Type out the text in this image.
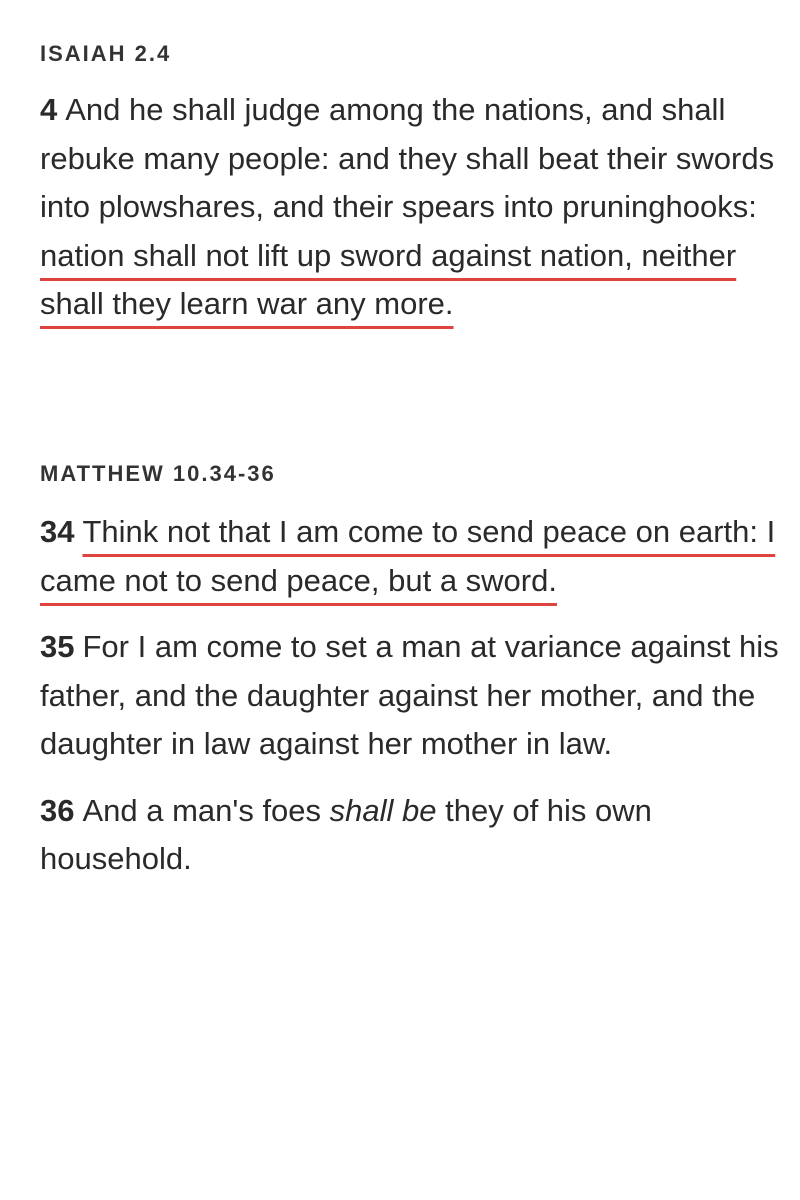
ISAIAH 2.4

4 And he shall judge among the nations, and shall rebuke many people: and they shall beat their swords into plowshares, and their spears into pruninghooks: nation shall not lift up sword against nation, neither shall they learn war any more.

MATTHEW 10.34-36

34 Think not that I am come to send peace on earth: I came not to send peace, but a sword.

35 For I am come to set a man at variance against his father, and the daughter against her mother, and the daughter in law against her mother in law.

36 And a man's foes shall be they of his own household.
